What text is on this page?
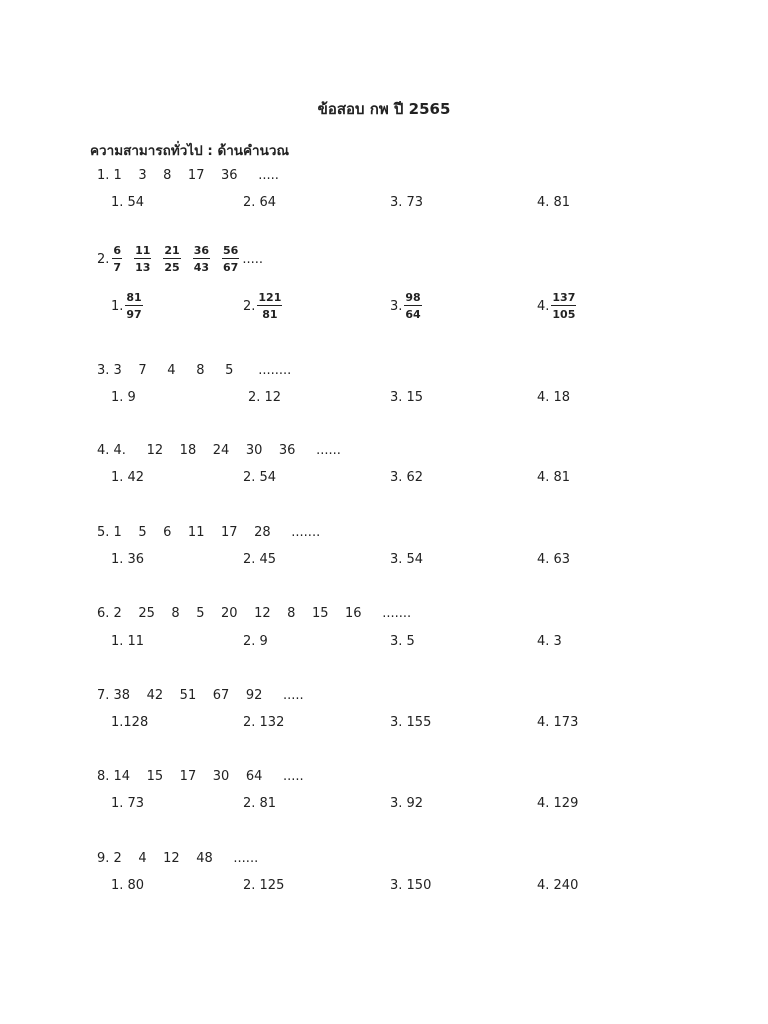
ข้อสอบ กพ ปี 2565
ความสามารถทั่วไป : ด้านคำนวณ
1. 1    3    8    17    36     .....
1. 54	2. 64	3. 73	4. 81
2. $\frac{6}{7} \frac{11}{13} \frac{21}{25} \frac{36}{43} \frac{56}{67}$ .....
1. $\frac{81}{97}$	2. $\frac{121}{81}$	3. $\frac{98}{64}$	4. $\frac{137}{105}$
3. 3    7     4     8     5      ........
1. 9	2. 12	3. 15	4. 18
4. 4.     12    18    24    30    36     ......
1. 42	2. 54	3. 62	4. 81
5. 1    5    6    11    17    28     .......
1. 36	2. 45	3. 54	4. 63
6. 2    25    8    5    20    12    8    15    16     .......
1. 11	2. 9	3. 5	4. 3
7. 38    42    51    67    92     .....
1.128	2. 132	3. 155	4. 173
8. 14    15    17    30    64     .....
1. 73	2. 81	3. 92	4. 129
9. 2    4    12    48     ......
1. 80	2. 125	3. 150	4. 240
